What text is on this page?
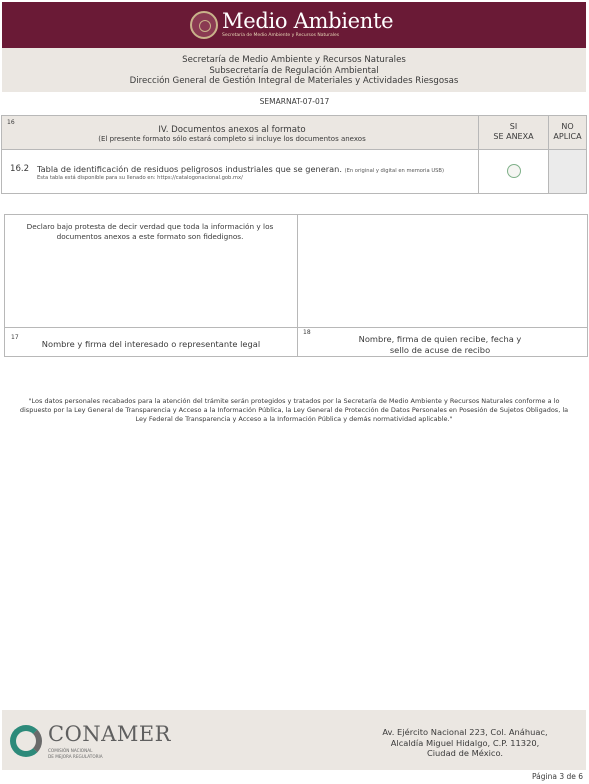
Medio Ambiente
Secretaría de Medio Ambiente y Recursos Naturales
Secretaría de Medio Ambiente y Recursos Naturales
Subsecretaría de Regulación Ambiental
Dirección General de Gestión Integral de Materiales y Actividades Riesgosas
SEMARNAT-07-017
16
IV. Documentos anexos al formato
(El presente formato sólo estará completo si incluye los documentos anexos
SI
SE ANEXA
NO
APLICA
16.2 Tabla de identificación de residuos peligrosos industriales que se generan. (En original y digital en memoria USB)
Esta tabla está disponible para su llenado en: https://catalogonacional.gob.mx/
Declaro bajo protesta de decir verdad que toda la información y los documentos anexos a este formato son fidedignos.
17
Nombre y firma del interesado o representante legal
18
Nombre, firma de quien recibe, fecha y
sello de acuse de recibo
"Los datos personales recabados para la atención del trámite serán protegidos y tratados por la Secretaría de Medio Ambiente y Recursos Naturales conforme a lo dispuesto por la Ley General de Transparencia y Acceso a la Información Pública, la Ley General de Protección de Datos Personales en Posesión de Sujetos Obligados, la Ley Federal de Transparencia y Acceso a la Información Pública y demás normatividad aplicable."
CONAMER
COMISIÓN NACIONAL
DE MEJORA REGULATORIA
Av. Ejército Nacional 223, Col. Anáhuac,
Alcaldía Miguel Hidalgo, C.P. 11320,
Ciudad de México.
Página 3 de 6
